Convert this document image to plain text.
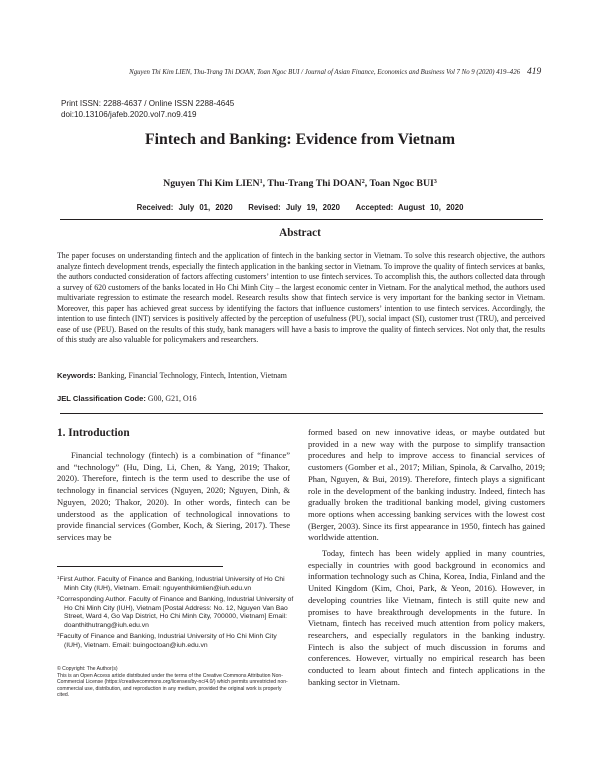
Nguyen Thi Kim LIEN, Thu-Trang Thi DOAN, Toan Ngoc BUI / Journal of Asian Finance, Economics and Business Vol 7 No 9 (2020) 419–426 419
Print ISSN: 2288-4637 / Online ISSN 2288-4645
doi:10.13106/jafeb.2020.vol7.no9.419
Fintech and Banking: Evidence from Vietnam
Nguyen Thi Kim LIEN$^1$, Thu-Trang Thi DOAN$^2$, Toan Ngoc BUI$^3$
Received: July 01, 2020 Revised: July 19, 2020 Accepted: August 10, 2020
Abstract
The paper focuses on understanding fintech and the application of fintech in the banking sector in Vietnam. To solve this research objective, the authors analyze fintech development trends, especially the fintech application in the banking sector in Vietnam. To improve the quality of fintech services at banks, the authors conducted consideration of factors affecting customers’ intention to use fintech services. To accomplish this, the authors collected data through a survey of 620 customers of the banks located in Ho Chi Minh City – the largest economic center in Vietnam. For the analytical method, the authors used multivariate regression to estimate the research model. Research results show that fintech service is very important for the banking sector in Vietnam. Moreover, this paper has achieved great success by identifying the factors that influence customers’ intention to use fintech services. Accordingly, the intention to use fintech (INT) services is positively affected by the perception of usefulness (PU), social impact (SI), customer trust (TRU), and perceived ease of use (PEU). Based on the results of this study, bank managers will have a basis to improve the quality of fintech services. Not only that, the results of this study are also valuable for policymakers and researchers.
Keywords: Banking, Financial Technology, Fintech, Intention, Vietnam
JEL Classification Code: G00, G21, O16
1. Introduction
Financial technology (fintech) is a combination of “finance” and “technology” (Hu, Ding, Li, Chen, & Yang, 2019; Thakor, 2020). Therefore, fintech is the term used to describe the use of technology in financial services (Nguyen, 2020; Nguyen, Dinh, & Nguyen, 2020; Thakor, 2020). In other words, fintech can be understood as the application of technological innovations to provide financial services (Gomber, Koch, & Siering, 2017). These services may be
formed based on new innovative ideas, or maybe outdated but provided in a new way with the purpose to simplify transaction procedures and help to improve access to financial services of customers (Gomber et al., 2017; Milian, Spinola, & Carvalho, 2019; Phan, Nguyen, & Bui, 2019). Therefore, fintech plays a significant role in the development of the banking industry. Indeed, fintech has gradually broken the traditional banking model, giving customers more options when accessing banking services with the lowest cost (Berger, 2003). Since its first appearance in 1950, fintech has gained worldwide attention.
Today, fintech has been widely applied in many countries, especially in countries with good background in economics and information technology such as China, Korea, India, Finland and the United Kingdom (Kim, Choi, Park, & Yeon, 2016). However, in developing countries like Vietnam, fintech is still quite new and promises to have breakthrough developments in the future. In Vietnam, fintech has received much attention from policy makers, researchers, and especially regulators in the banking industry. Fintech is also the subject of much discussion in forums and conferences. However, virtually no empirical research has been conducted to learn about fintech and fintech applications in the banking sector in Vietnam.
$^1$First Author. Faculty of Finance and Banking, Industrial University of Ho Chi Minh City (IUH), Vietnam. Email: nguyenthikimlien@iuh.edu.vn
$^2$Corresponding Author. Faculty of Finance and Banking, Industrial University of Ho Chi Minh City (IUH), Vietnam [Postal Address: No. 12, Nguyen Van Bao Street, Ward 4, Go Vap District, Ho Chi Minh City, 700000, Vietnam] Email: doanthithutrang@iuh.edu.vn
$^3$Faculty of Finance and Banking, Industrial University of Ho Chi Minh City (IUH), Vietnam. Email: buingoctoan@iuh.edu.vn
© Copyright: The Author(s)
This is an Open Access article distributed under the terms of the Creative Commons Attribution Non-Commercial License (https://creativecommons.org/licenses/by-nc/4.0/) which permits unrestricted non-commercial use, distribution, and reproduction in any medium, provided the original work is properly cited.
